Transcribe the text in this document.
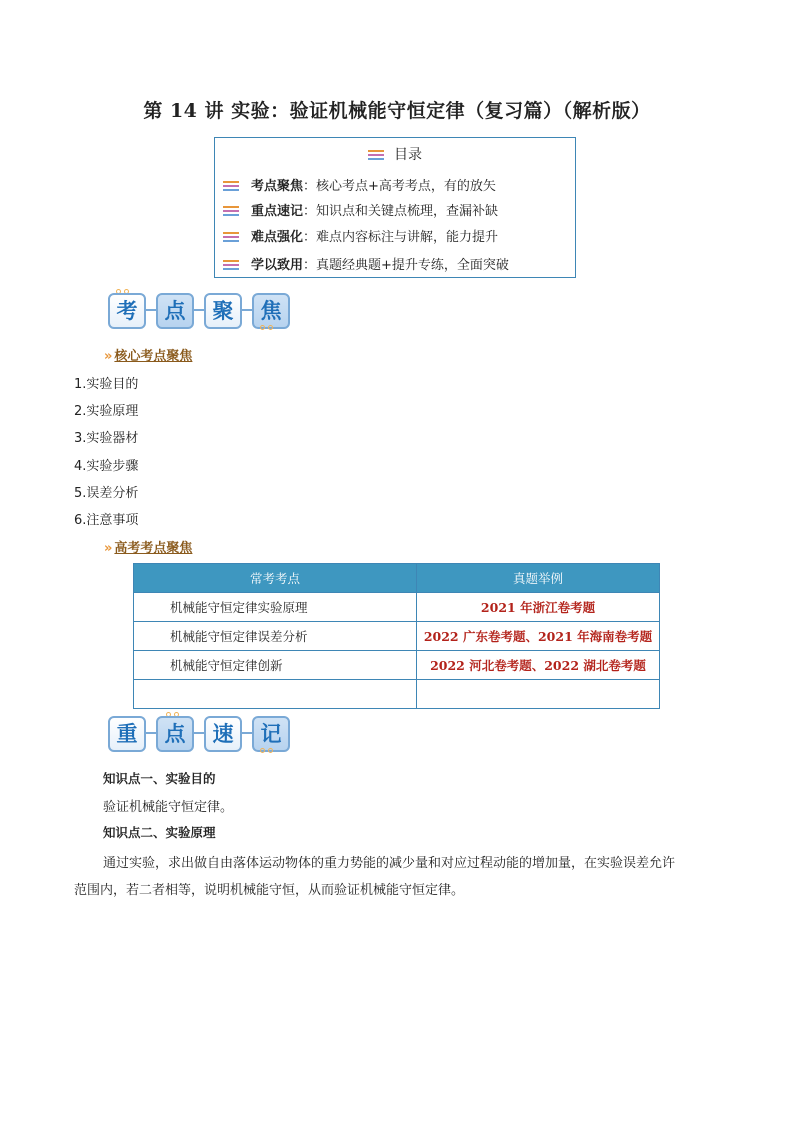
第 14 讲 实验：验证机械能守恒定律（复习篇）（解析版）
目录
考点聚焦：核心考点+高考考点，有的放矢
重点速记：知识点和关键点梳理，查漏补缺
难点强化：难点内容标注与讲解，能力提升
学以致用：真题经典题+提升专练，全面突破
考	点	聚	焦
» 核心考点聚焦
1.实验目的
2.实验原理
3.实验器材
4.实验步骤
5.误差分析
6.注意事项
» 高考考点聚焦
常考考点	真题举例
机械能守恒定律实验原理	2021 年浙江卷考题
机械能守恒定律误差分析	2022 广东卷考题、2021 年海南卷考题
机械能守恒定律创新	2022 河北卷考题、2022 湖北卷考题

重	点	速	记
知识点一、实验目的
验证机械能守恒定律。
知识点二、实验原理
通过实验，求出做自由落体运动物体的重力势能的减少量和对应过程动能的增加量，在实验误差允许
范围内，若二者相等，说明机械能守恒，从而验证机械能守恒定律。
